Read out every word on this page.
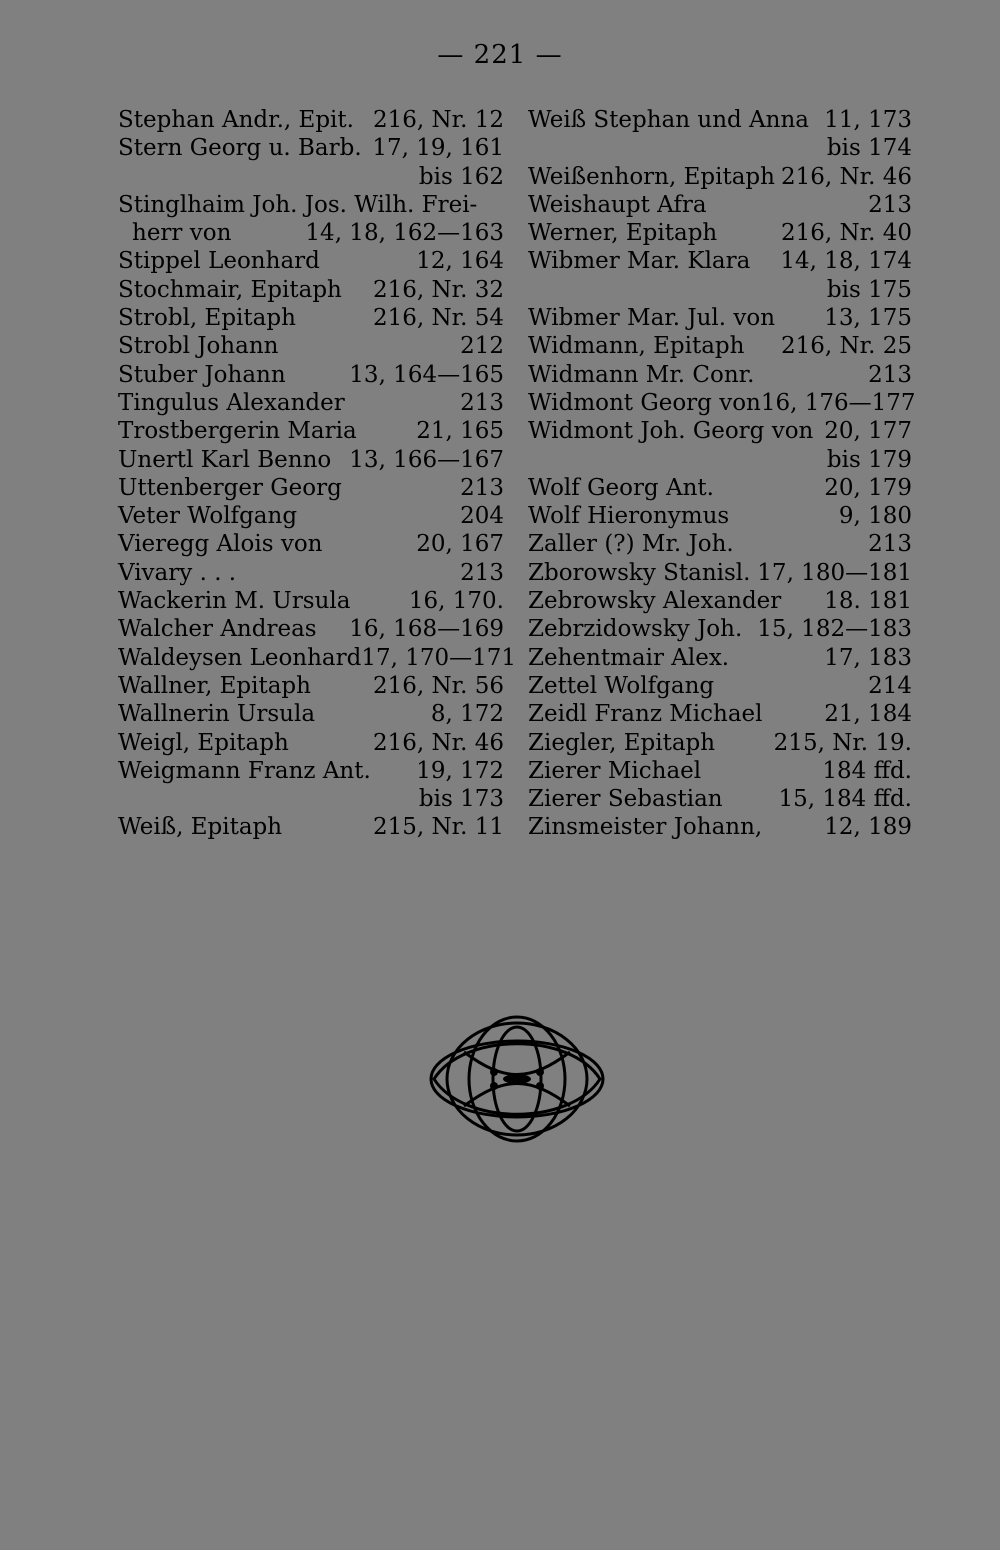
— 221 —
Stephan Andr., Epit. 216, Nr. 12
Stern Georg u. Barb. 17, 19, 161
bis 162
Stinglhaim Joh. Jos. Wilh. Frei-
herr von	14, 18, 162—163
Stippel Leonhard	12, 164
Stochmair, Epitaph 216, Nr. 32
Strobl, Epitaph	216, Nr. 54
Strobl Johann	212
Stuber Johann	13, 164—165
Tingulus Alexander	213
Trostbergerin Maria	21, 165
Unertl Karl Benno 13, 166—167
Uttenberger Georg	213
Veter Wolfgang	204
Vieregg Alois von	20, 167
Vivary . . .	213
Wackerin M. Ursula	16, 170.
Walcher Andreas 16, 168—169
Waldeysen Leonhard 17, 170—171
Wallner, Epitaph	216, Nr. 56
Wallnerin Ursula	8, 172
Weigl, Epitaph	216, Nr. 46
Weigmann Franz Ant. 19, 172
bis 173
Weiß, Epitaph	215, Nr. 11
Weiß Stephan und Anna 11, 173
bis 174
Weißenhorn, Epitaph 216, Nr. 46
Weishaupt Afra	213
Werner, Epitaph	216, Nr. 40
Wibmer Mar. Klara 14, 18, 174
bis 175
Wibmer Mar. Jul. von 13, 175
Widmann, Epitaph 216, Nr. 25
Widmann Mr. Conr.	213
Widmont Georg von 16, 176—177
Widmont Joh. Georg von 20, 177
bis 179
Wolf Georg Ant.	20, 179
Wolf Hieronymus	9, 180
Zaller (?) Mr. Joh.	213
Zborowsky Stanisl. 17, 180—181
Zebrowsky Alexander 18. 181
Zebrzidowsky Joh. 15, 182—183
Zehentmair Alex.	17, 183
Zettel Wolfgang	214
Zeidl Franz Michael	21, 184
Ziegler, Epitaph	215, Nr. 19.
Zierer Michael	184 ffd.
Zierer Sebastian 15, 184 ffd.
Zinsmeister Johann,	12, 189
